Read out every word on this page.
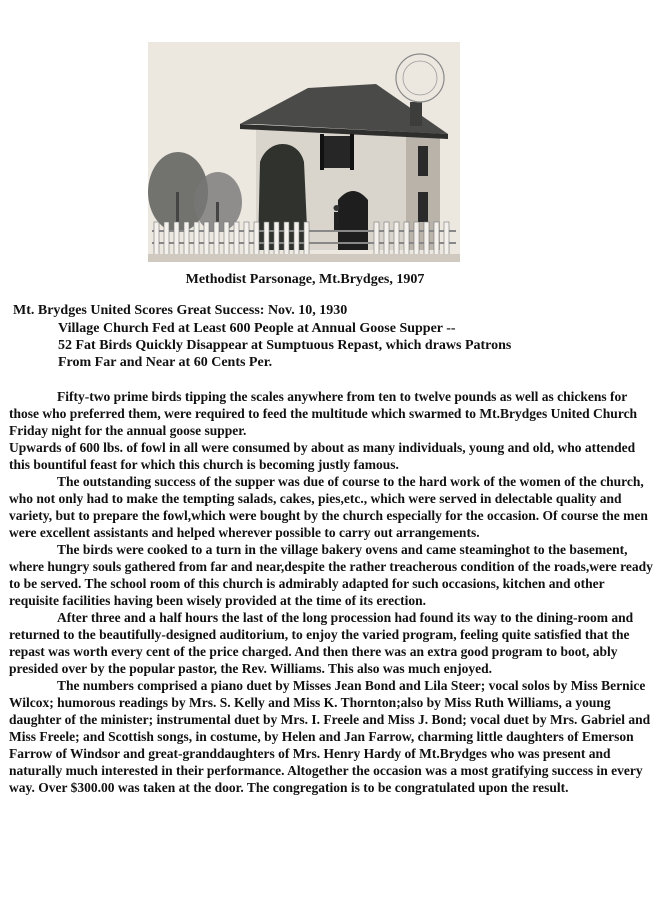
Methodist Parsonage, Mt.Brydges, 1907
Mt. Brydges United Scores Great Success: Nov. 10, 1930
Village Church Fed at Least 600 People at Annual Goose Supper --
52 Fat Birds Quickly Disappear at Sumptuous Repast, which draws Patrons
From Far and Near at 60 Cents Per.

Fifty-two prime birds tipping the scales anywhere from ten to twelve pounds as well as chickens for those who preferred them, were required to feed the multitude which swarmed to Mt.Brydges United Church Friday night for the annual goose supper.

Upwards of 600 lbs. of fowl in all were consumed by about as many individuals, young and old, who attended this bountiful feast for which this church is becoming justly famous.

The outstanding success of the supper was due of course to the hard work of the women of the church, who not only had to make the tempting salads, cakes, pies,etc., which were served in delectable quality and variety, but to prepare the fowl,which were bought by the church especially for the occasion. Of course the men were excellent assistants and helped wherever possible to carry out arrangements.

The birds were cooked to a turn in the village bakery ovens and came steaminghot to the basement, where hungry souls gathered from far and near,despite the rather treacherous condition of the roads,were ready to be served. The school room of this church is admirably adapted for such occasions, kitchen and other requisite facilities having been wisely provided at the time of its erection.

After three and a half hours the last of the long procession had found its way to the dining-room and returned to the beautifully-designed auditorium, to enjoy the varied program, feeling quite satisfied that the repast was worth every cent of the price charged. And then there was an extra good program to boot, ably presided over by the popular pastor, the Rev. Williams. This also was much enjoyed.

The numbers comprised a piano duet by Misses Jean Bond and Lila Steer; vocal solos by Miss Bernice Wilcox; humorous readings by Mrs. S. Kelly and Miss K. Thornton;also by Miss Ruth Williams, a young daughter of the minister; instrumental duet by Mrs. I. Freele and Miss J. Bond; vocal duet by Mrs. Gabriel and Miss Freele; and Scottish songs, in costume, by Helen and Jan Farrow, charming little daughters of Emerson Farrow of Windsor and great-granddaughters of Mrs. Henry Hardy of Mt.Brydges who was present and naturally much interested in their performance. Altogether the occasion was a most gratifying success in every way. Over $300.00 was taken at the door. The congregation is to be congratulated upon the result.
